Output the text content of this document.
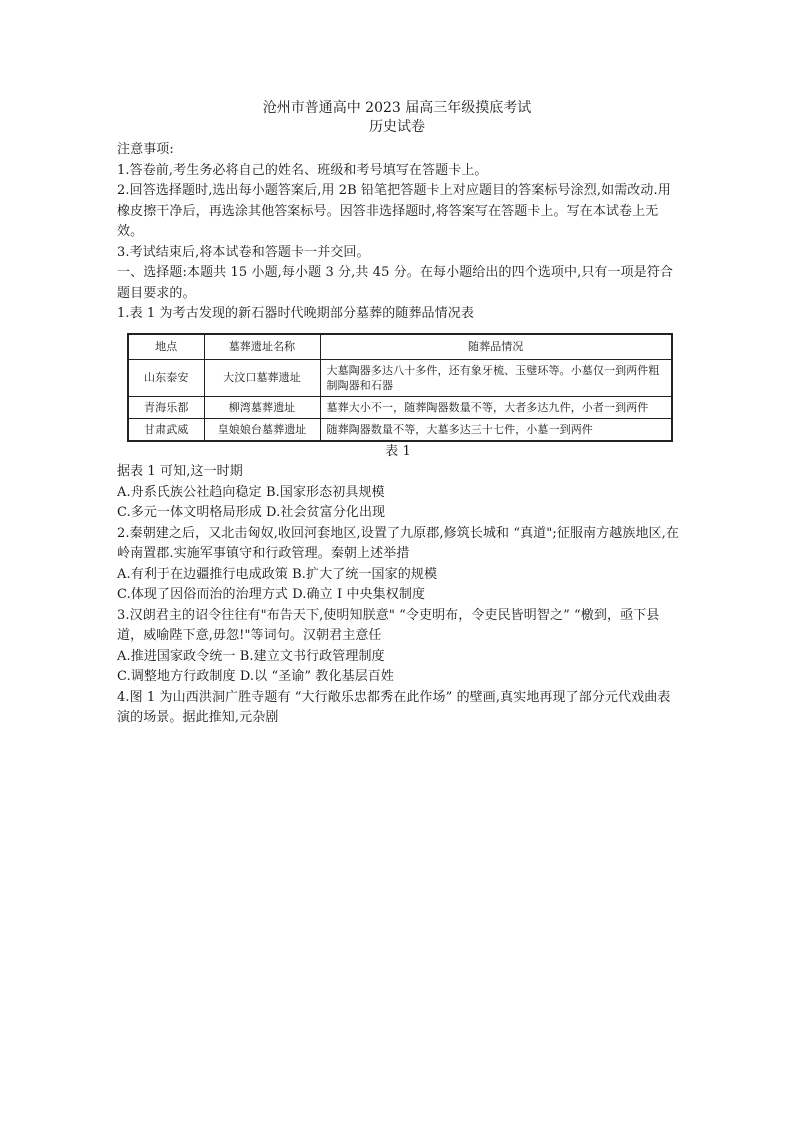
沧州市普通高中 2023 届高三年级摸底考试
历史试卷

注意事项:

1.答卷前,考生务必将自己的姓名、班级和考号填写在答题卡上。

2.回答选择题时,选出每小题答案后,用 2B 铅笔把答题卡上对应题目的答案标号涂烈,如需改动.用橡皮擦干净后，再选涂其他答案标号。因答非选择题时,将答案写在答题卡上。写在本试卷上无效。

3.考试结束后,将本试卷和答题卡一并交回。

一、选择题:本题共 15 小题,每小题 3 分,共 45 分。在每小题给出的四个选项中,只有一项是符合题目要求的。

1.表 1 为考古发现的新石器时代晚期部分墓葬的随葬品情况表

地点	墓葬遗址名称	随葬品情况
山东泰安	大汶口墓葬遗址	大墓陶器多达八十多件，还有象牙梳、玉璧环等。小墓仅一到两件粗制陶器和石器
青海乐都	柳湾墓葬遗址	墓葬大小不一，随葬陶器数量不等，大者多达九件，小者一到两件
甘肃武威	皇娘娘台墓葬遗址	随葬陶器数量不等，大墓多达三十七件，小墓一到两件

表 1

据表 1 可知,这一时期

A.舟系氏族公社趋向稳定 B.国家形态初具规模

C.多元一体文明格局形成 D.社会贫富分化出现

2.秦朝建之后，又北击匈奴,收回河套地区,设置了九原郡,修筑长城和 “真道";征服南方越族地区,在岭南置郡.实施军事镇守和行政管理。秦朝上述举措

A.有利于在边疆推行电成政策 B.扩大了统一国家的规模

C.体现了因俗而治的治理方式 D.确立 I 中央集权制度

3.汉朗君主的诏令往往有"布告天下,使明知朕意" “令吏明布，令吏民皆明智之” “檄到，亟下县道，威喻陛下意,毋忽!"等词句。汉朝君主意任

A.推进国家政令统一 B.建立文书行政管理制度

C.调整地方行政制度 D.以 “圣谕” 教化基层百姓

4.图 1 为山西洪洞广胜寺题有 “大行敞乐忠都秀在此作场” 的壁画,真实地再现了部分元代戏曲表演的场景。据此推知,元杂剧
